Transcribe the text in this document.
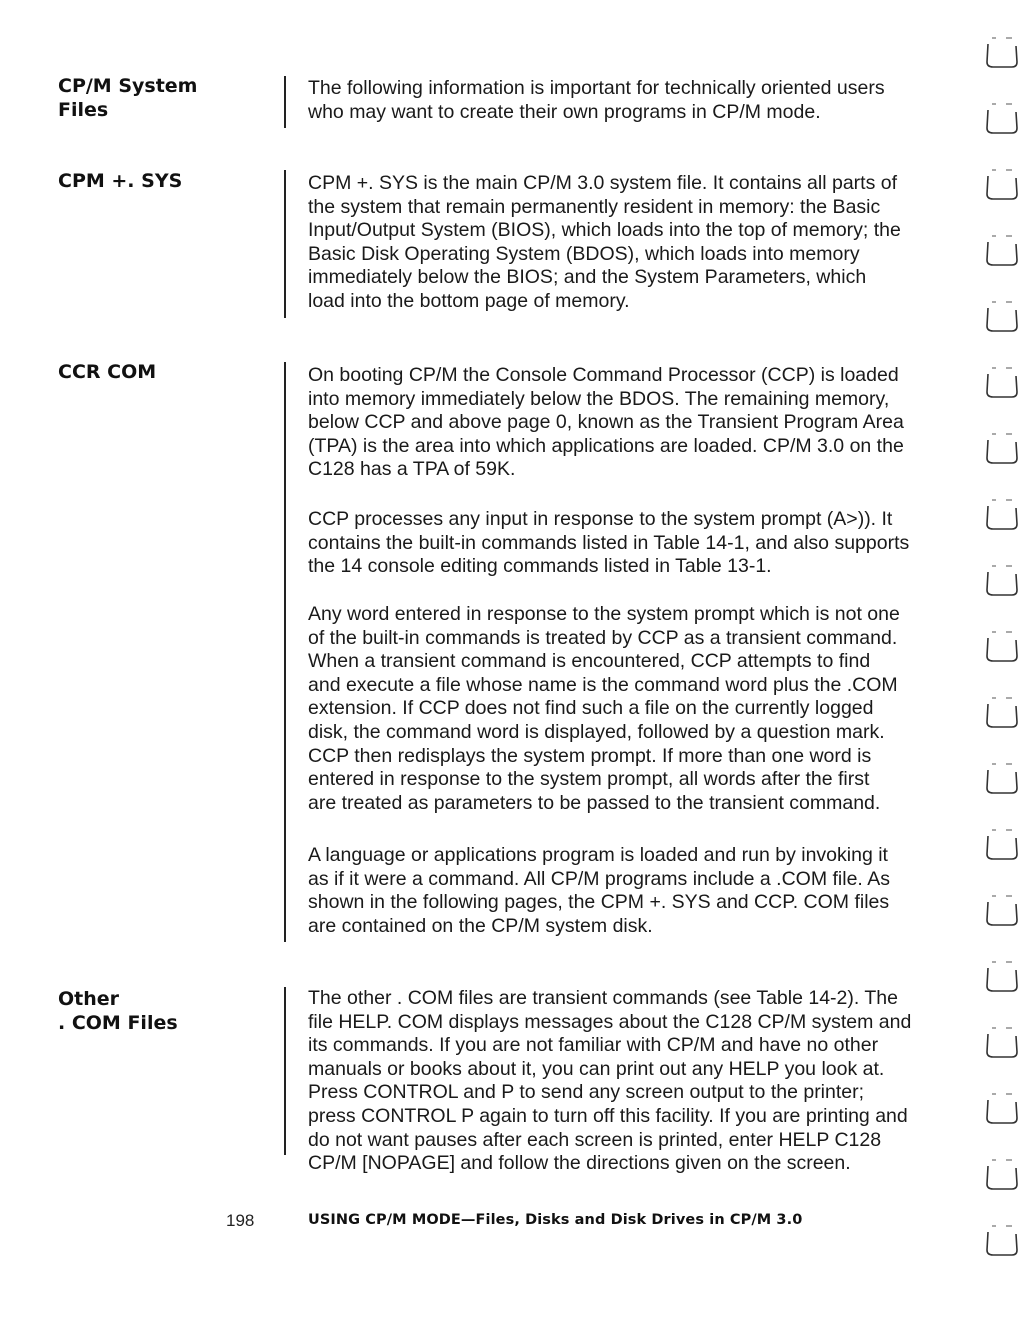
CP/M System
Files
CPM +. SYS
CCR COM
Other
. COM Files
The following information is important for technically oriented users
who may want to create their own programs in CP/M mode.
CPM +. SYS is the main CP/M 3.0 system file. It contains all parts of
the system that remain permanently resident in memory: the Basic
Input/Output System (BIOS), which loads into the top of memory; the
Basic Disk Operating System (BDOS), which loads into memory
immediately below the BIOS; and the System Parameters, which
load into the bottom page of memory.
On booting CP/M the Console Command Processor (CCP) is loaded
into memory immediately below the BDOS. The remaining memory,
below CCP and above page 0, known as the Transient Program Area
(TPA) is the area into which applications are loaded. CP/M 3.0 on the
C128 has a TPA of 59K.
CCP processes any input in response to the system prompt (A>)). It
contains the built-in commands listed in Table 14-1, and also supports
the 14 console editing commands listed in Table 13-1.
Any word entered in response to the system prompt which is not one
of the built-in commands is treated by CCP as a transient command.
When a transient command is encountered, CCP attempts to find
and execute a file whose name is the command word plus the .COM
extension. If CCP does not find such a file on the currently logged
disk, the command word is displayed, followed by a question mark.
CCP then redisplays the system prompt. If more than one word is
entered in response to the system prompt, all words after the first
are treated as parameters to be passed to the transient command.
A language or applications program is loaded and run by invoking it
as if it were a command. All CP/M programs include a .COM file. As
shown in the following pages, the CPM +. SYS and CCP. COM files
are contained on the CP/M system disk.
The other . COM files are transient commands (see Table 14-2). The
file HELP. COM displays messages about the C128 CP/M system and
its commands. If you are not familiar with CP/M and have no other
manuals or books about it, you can print out any HELP you look at.
Press CONTROL and P to send any screen output to the printer;
press CONTROL P again to turn off this facility. If you are printing and
do not want pauses after each screen is printed, enter HELP C128
CP/M [NOPAGE] and follow the directions given on the screen.
198	USING CP/M MODE—Files, Disks and Disk Drives in CP/M 3.0
